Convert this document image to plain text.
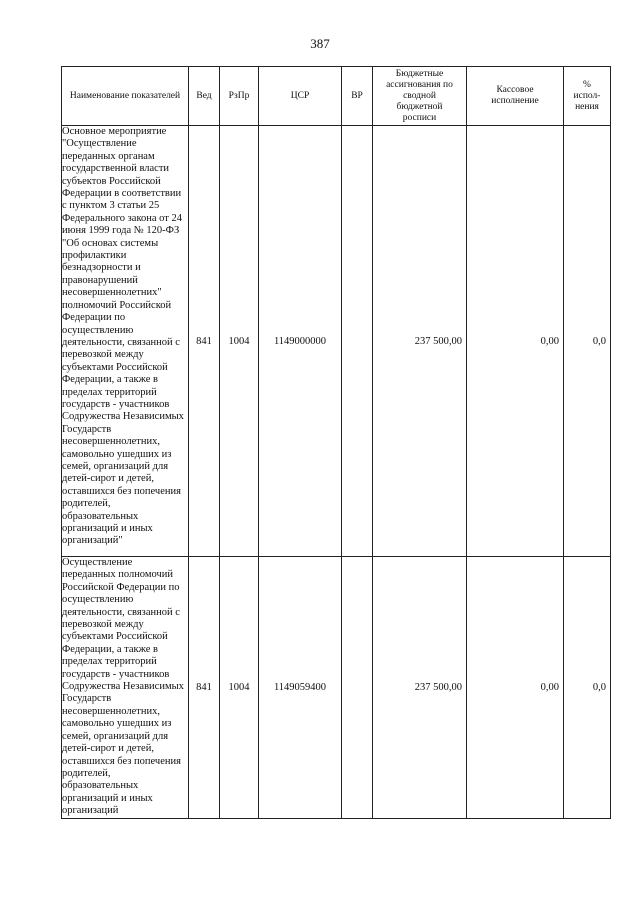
387
Наименование показателей	Вед	РзПр	ЦСР	ВР	Бюджетные ассигнования по сводной бюджетной росписи	Кассовое исполнение	% испол-нения
Основное мероприятие "Осуществление переданных органам государственной власти субъектов Российской Федерации в соответствии с пунктом 3 статьи 25 Федерального закона от 24 июня 1999 года № 120-ФЗ "Об основах системы профилактики безнадзорности и правонарушений несовершеннолетних" полномочий Российской Федерации по осуществлению деятельности, связанной с перевозкой между субъектами Российской Федерации, а также в пределах территорий государств - участников Содружества Независимых Государств несовершеннолетних, самовольно ушедших из семей, организаций для детей-сирот и детей, оставшихся без попечения родителей, образовательных организаций и иных организаций"	841	1004	1149000000		237 500,00	0,00	0,0
Осуществление переданных полномочий Российской Федерации по осуществлению деятельности, связанной с перевозкой между субъектами Российской Федерации, а также в пределах территорий государств - участников Содружества Независимых Государств несовершеннолетних, самовольно ушедших из семей, организаций для детей-сирот и детей, оставшихся без попечения родителей, образовательных организаций и иных организаций	841	1004	1149059400		237 500,00	0,00	0,0
